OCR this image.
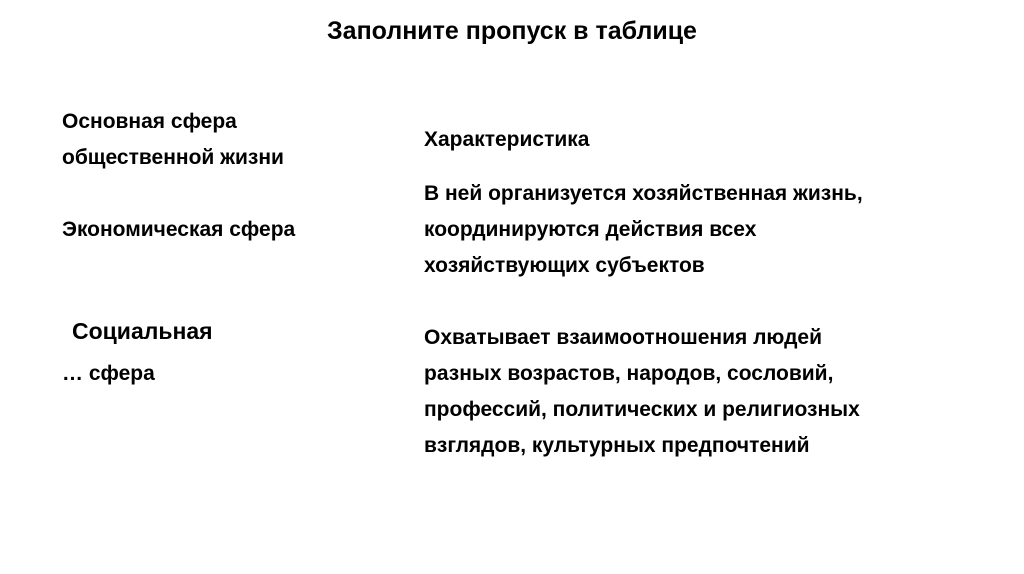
Заполните пропуск в таблице
Основная сфера
общественной жизни
Характеристика
Экономическая сфера
В ней организуется хозяйственная жизнь,
координируются действия всех
хозяйствующих субъектов
Социальная
… сфера
Охватывает взаимоотношения людей
разных возрастов, народов, сословий,
профессий, политических и религиозных
взглядов, культурных предпочтений
